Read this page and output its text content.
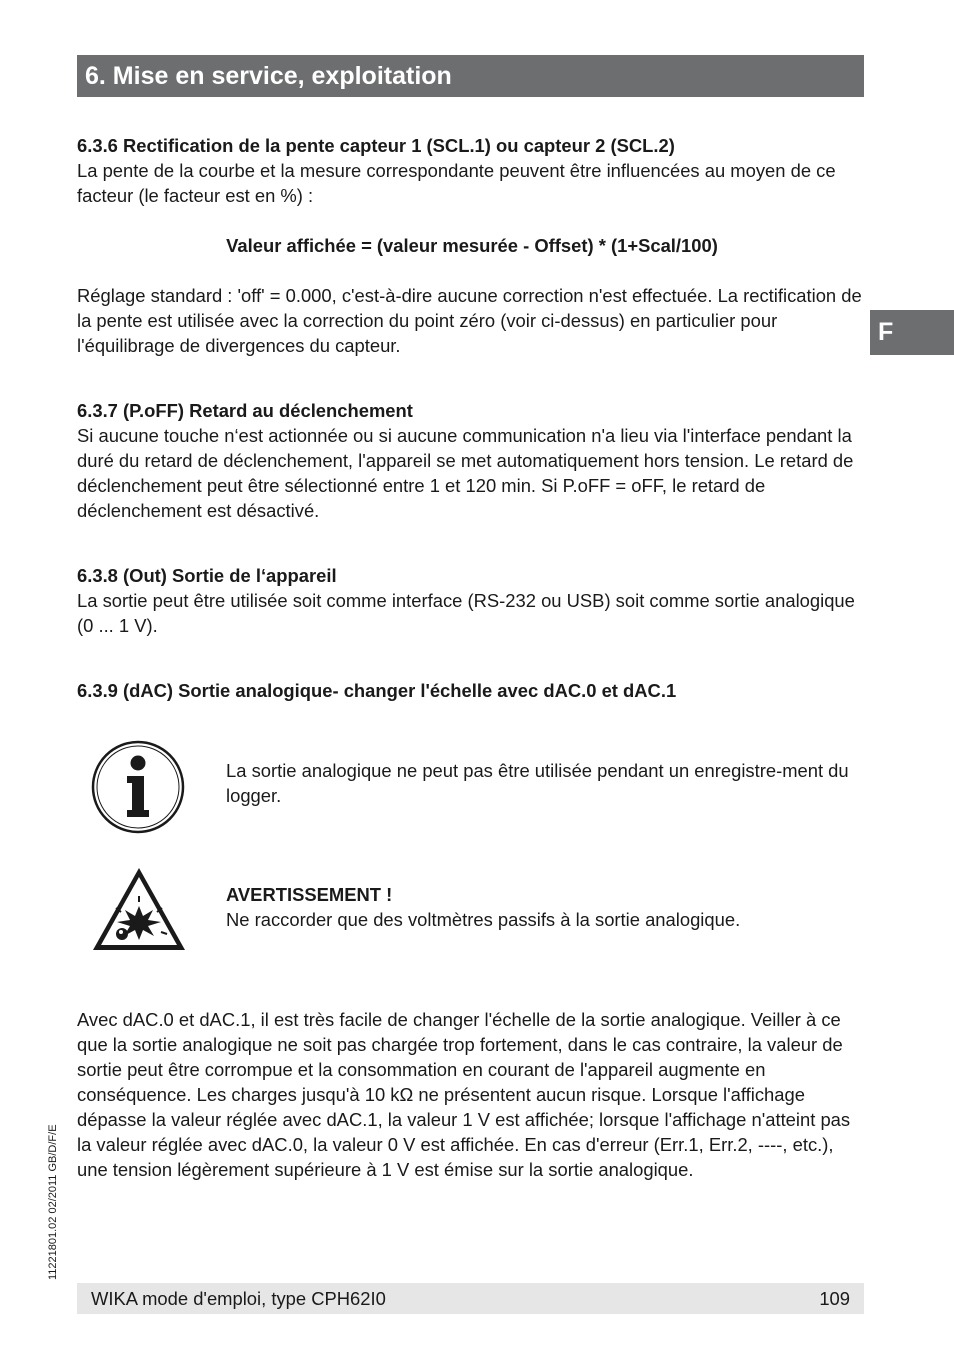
6. Mise en service, exploitation
F
6.3.6 Rectification de la pente capteur 1 (SCL.1) ou capteur 2 (SCL.2)

La pente de la courbe et la mesure correspondante peuvent être influencées au moyen de ce facteur (le facteur est en %) :

Valeur affichée = (valeur mesurée - Offset) * (1+Scal/100)

Réglage standard : 'off' = 0.000, c'est-à-dire aucune correction n'est effectuée. La rectification de la pente est utilisée avec la correction du point zéro (voir ci-dessus) en particulier pour l'équilibrage de divergences du capteur.

6.3.7 (P.oFF) Retard au déclenchement

Si aucune touche n‘est actionnée ou si aucune communication n'a lieu via l'interface pendant la duré du retard de déclenchement, l'appareil se met automatiquement hors tension. Le retard de déclenchement peut être sélectionné entre 1 et 120 min. Si P.oFF = oFF, le retard de déclenchement est désactivé.

6.3.8 (Out) Sortie de l‘appareil

La sortie peut être utilisée soit comme interface (RS-232 ou USB) soit comme sortie analogique (0 ... 1 V).

6.3.9 (dAC) Sortie analogique- changer l'échelle avec dAC.0 et dAC.1

La sortie analogique ne peut pas être utilisée pendant un enregistre-ment du logger.

AVERTISSEMENT !

Ne raccorder que des voltmètres passifs à la sortie analogique.

Avec dAC.0 et dAC.1, il est très facile de changer l'échelle de la sortie analogique. Veiller à ce que la sortie analogique ne soit pas chargée trop fortement, dans le cas contraire, la valeur de sortie peut être corrompue et la consommation en courant de l'appareil augmente en conséquence. Les charges jusqu'à 10 kΩ ne présentent aucun risque. Lorsque l'affichage dépasse la valeur réglée avec dAC.1, la valeur 1 V est affichée; lorsque l'affichage n'atteint pas la valeur réglée avec dAC.0, la valeur 0 V est affichée. En cas d'erreur (Err.1, Err.2, ----, etc.), une tension légèrement supérieure à 1 V est émise sur la sortie analogique.

WIKA mode d'emploi, type CPH62I0	109
11221801.02 02/2011 GB/D/F/E
